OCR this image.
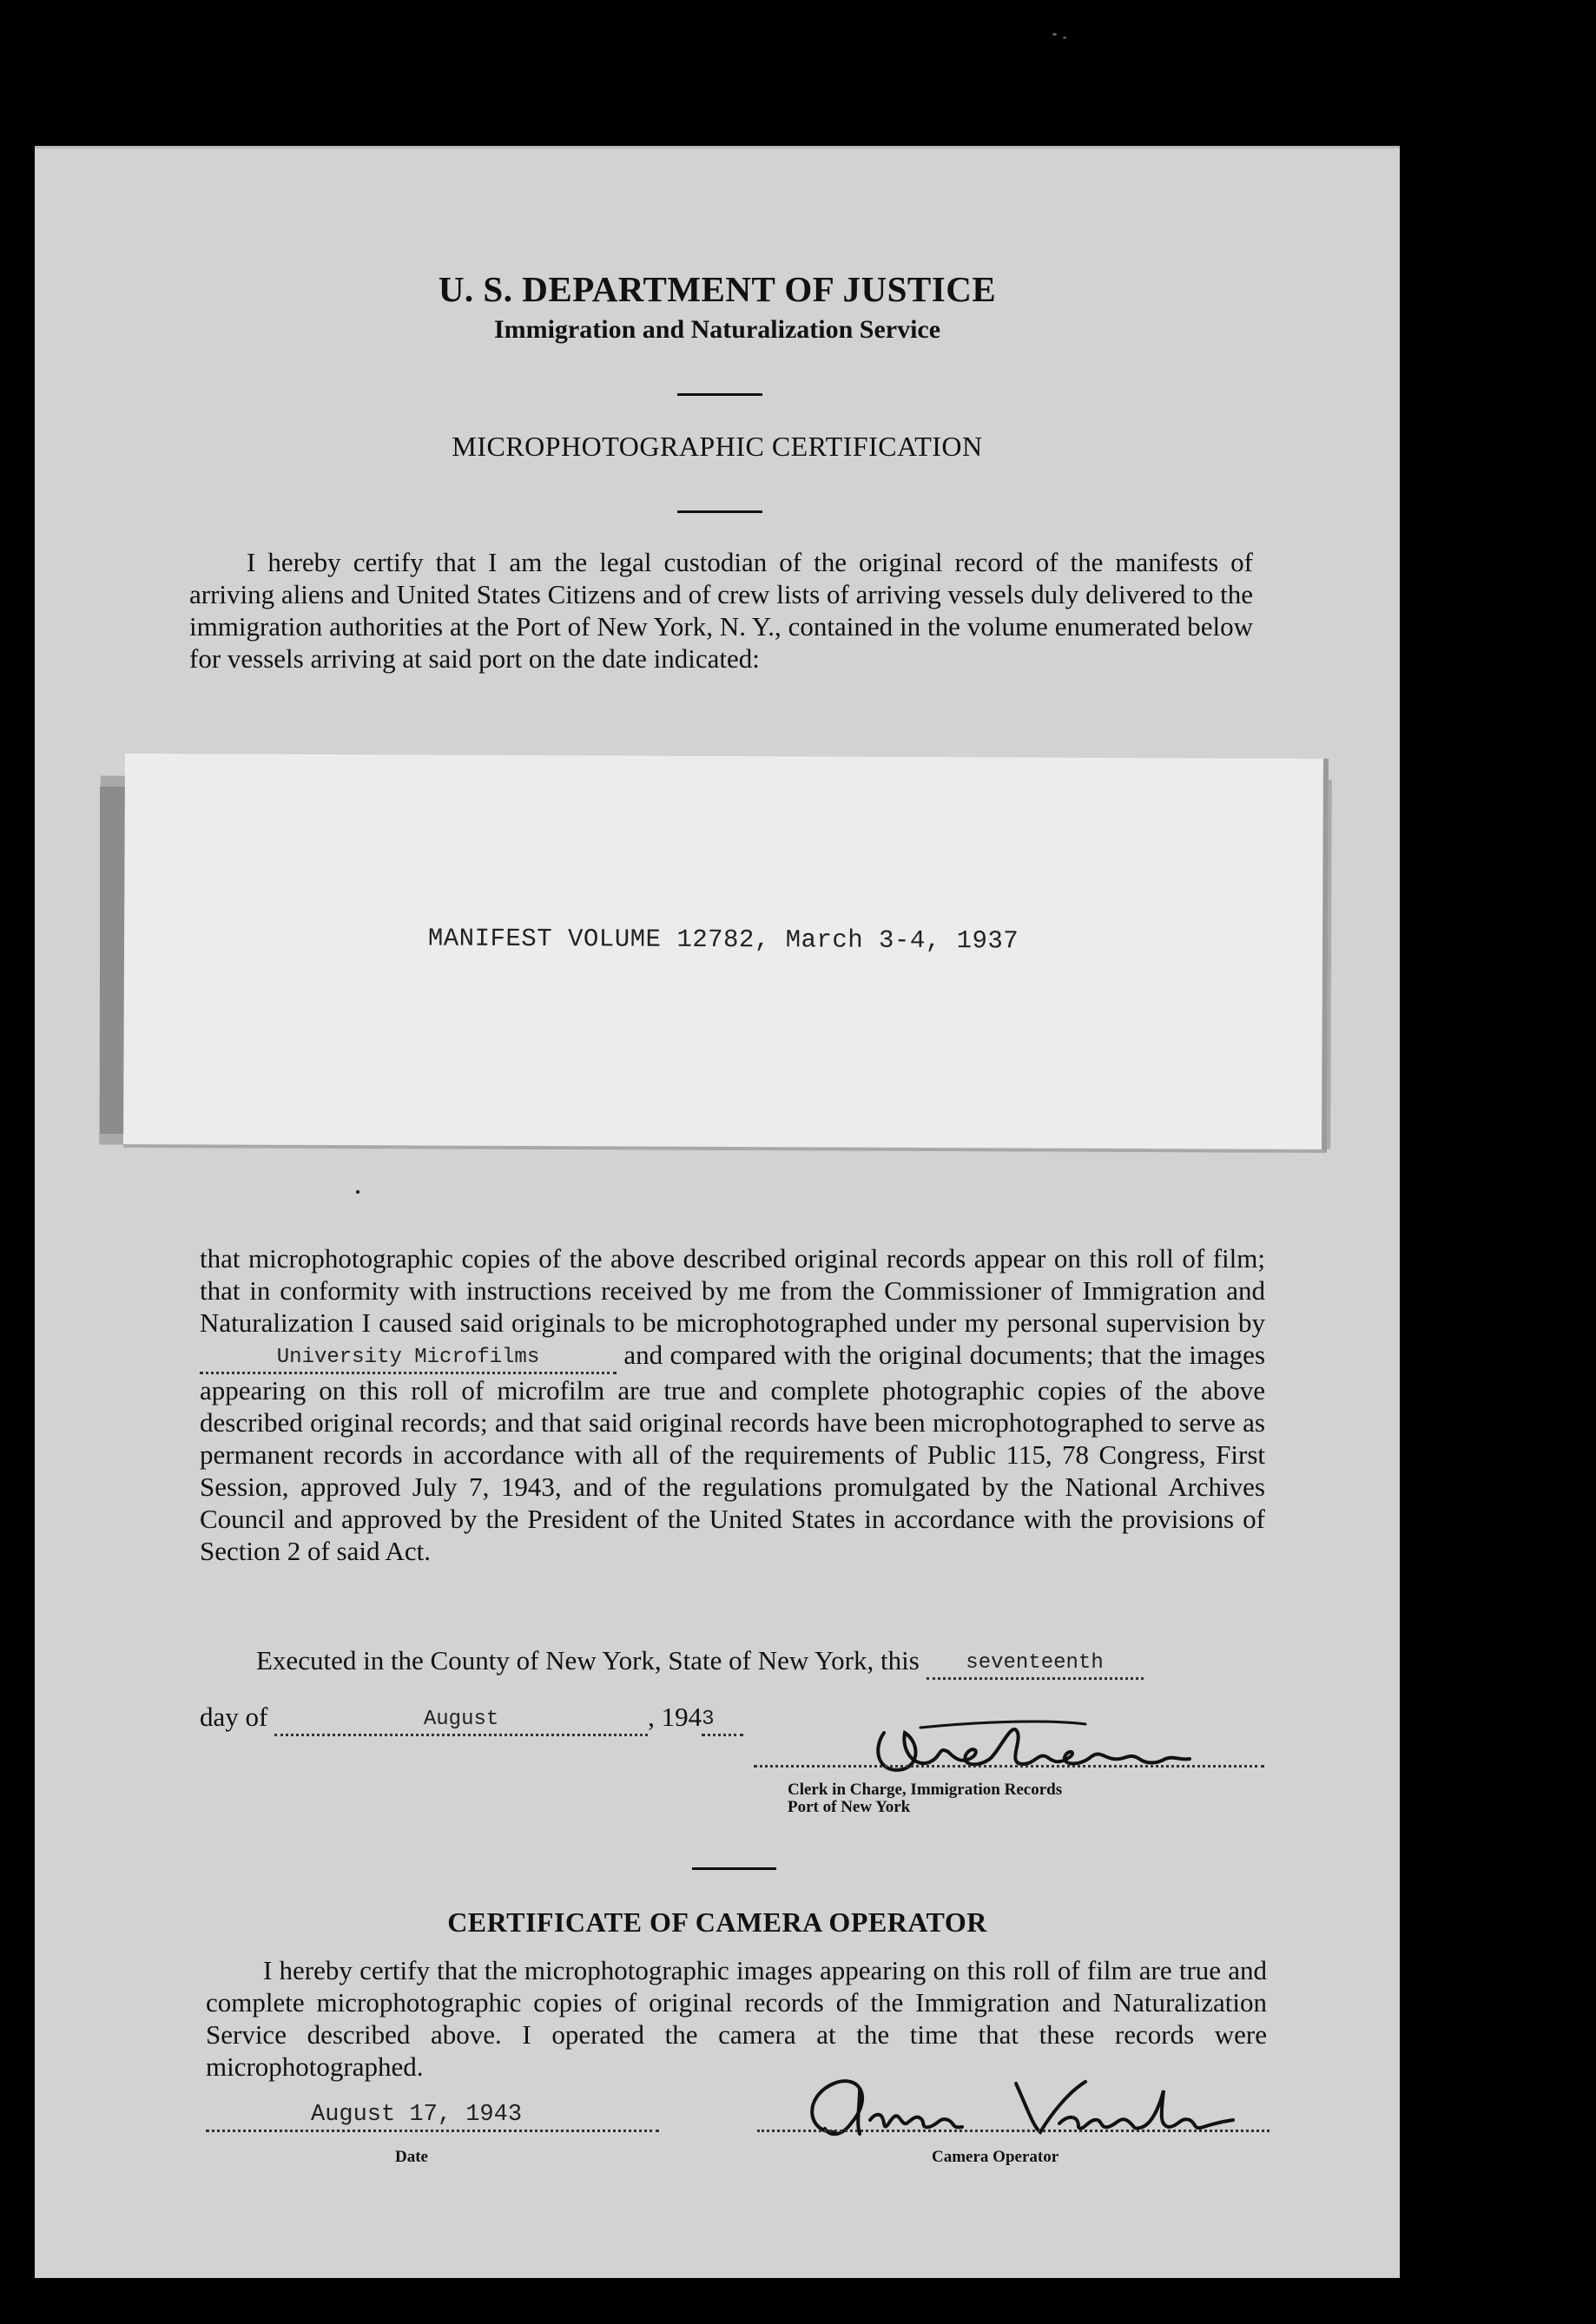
U. S. DEPARTMENT OF JUSTICE
Immigration and Naturalization Service
MICROPHOTOGRAPHIC CERTIFICATION
I hereby certify that I am the legal custodian of the original record of the manifests of arriving aliens and United States Citizens and of crew lists of arriving vessels duly delivered to the immigration authorities at the Port of New York, N. Y., contained in the volume enumerated below for vessels arriving at said port on the date indicated:
MANIFEST VOLUME 12782, March 3-4, 1937
that microphotographic copies of the above described original records appear on this roll of film; that in conformity with instructions received by me from the Commissioner of Immigration and Naturalization I caused said originals to be microphotographed under my personal supervision by University Microfilms	and compared with the original documents; that the images appearing on this roll of microfilm are true and complete photographic copies of the above described original records; and that said original records have been microphotographed to serve as permanent records in accordance with all of the requirements of Public 115, 78 Congress, First Session, approved July 7, 1943, and of the regulations promulgated by the National Archives Council and approved by the President of the United States in accordance with the provisions of Section 2 of said Act.
Executed in the County of New York, State of New York, this seventeenth
day of	August	, 1943
Clerk in Charge, Immigration Records
Port of New York
CERTIFICATE OF CAMERA OPERATOR
I hereby certify that the microphotographic images appearing on this roll of film are true and complete microphotographic copies of original records of the Immigration and Naturalization Service described above. I operated the camera at the time that these records were microphotographed.
August 17, 1943
Date	Camera Operator
